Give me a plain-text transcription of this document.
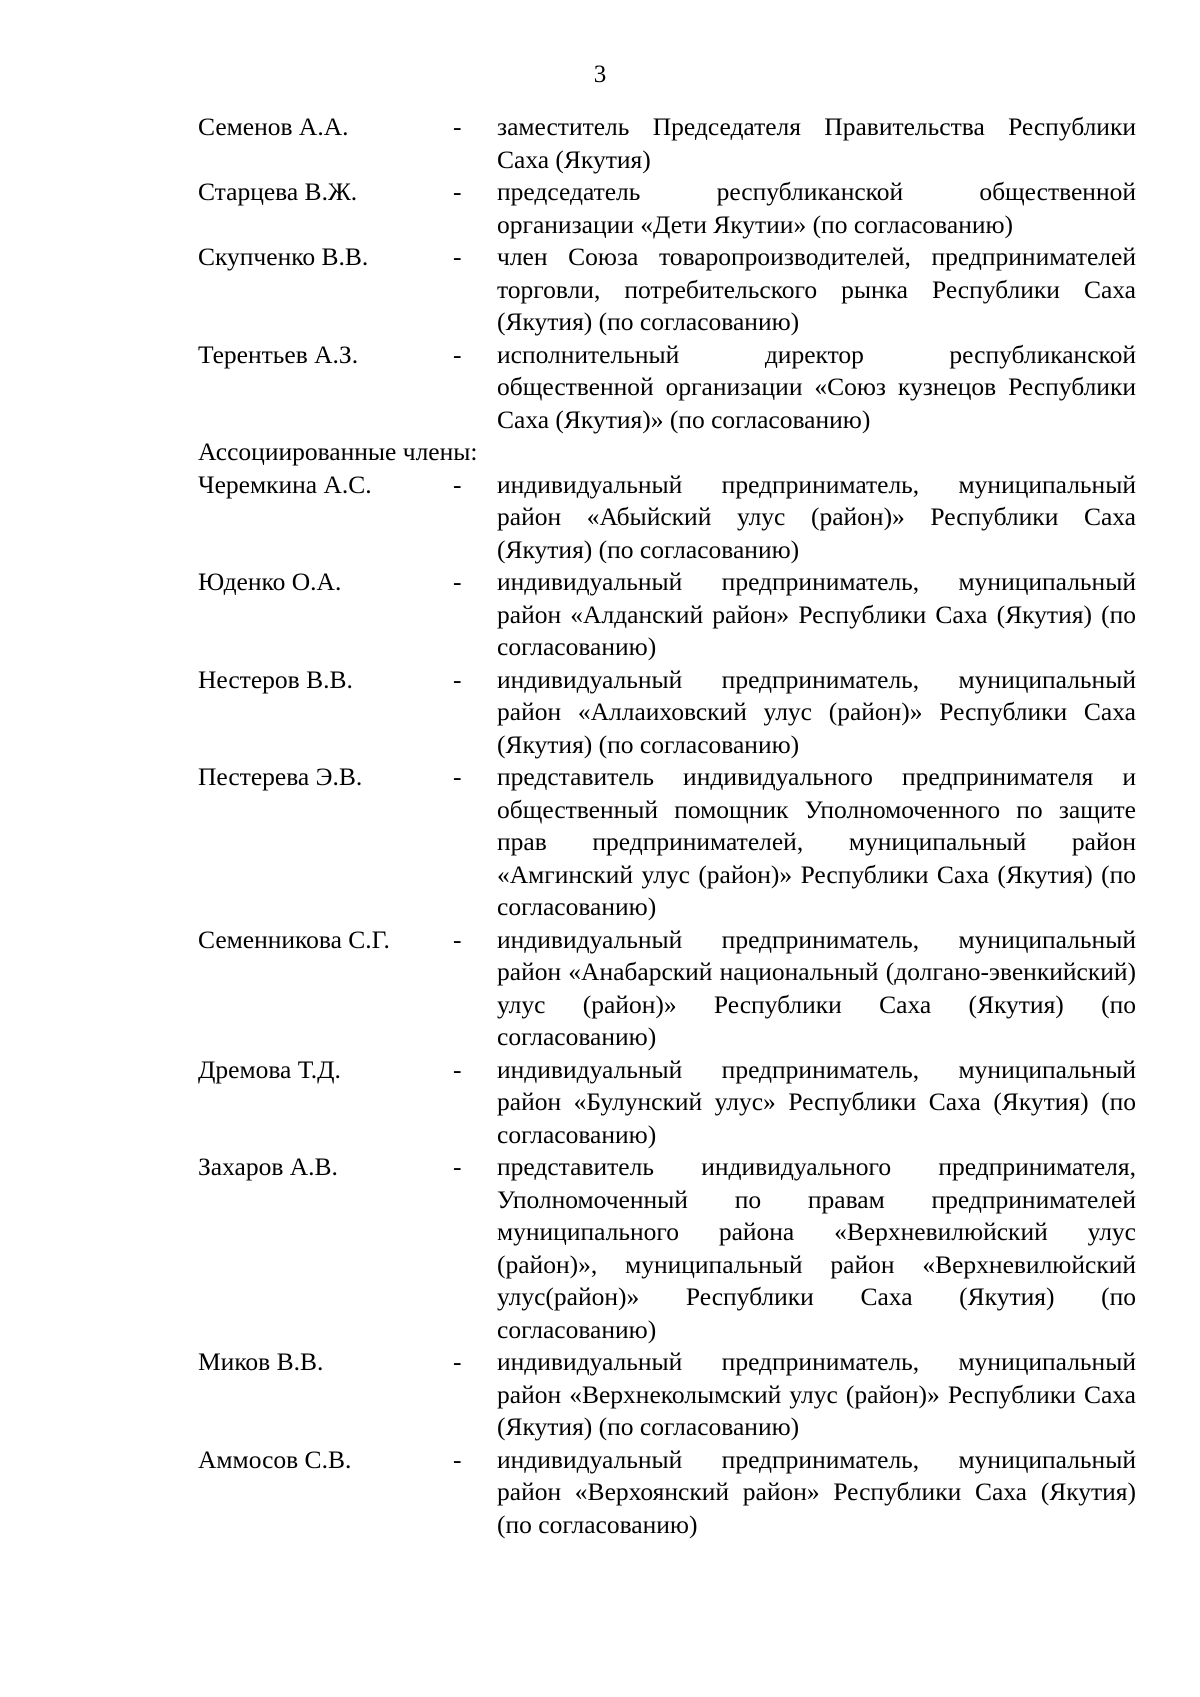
3
Семенов А.А.	-	заместитель Председателя Правительства Республики Саха (Якутия)
Старцева В.Ж.	-	председатель республиканской общественной организации «Дети Якутии» (по согласованию)
Скупченко В.В.	-	член Союза товаропроизводителей, предпринимателей торговли, потребительского рынка Республики Саха (Якутия) (по согласованию)
Терентьев А.З.	-	исполнительный директор республиканской общественной организации «Союз кузнецов Республики Саха (Якутия)» (по согласованию)
Ассоциированные члены:
Черемкина А.С.	-	индивидуальный предприниматель, муниципальный район «Абыйский улус (район)» Республики Саха (Якутия) (по согласованию)
Юденко О.А.	-	индивидуальный предприниматель, муниципальный район «Алданский район» Республики Саха (Якутия) (по согласованию)
Нестеров В.В.	-	индивидуальный предприниматель, муниципальный район «Аллаиховский улус (район)» Республики Саха (Якутия) (по согласованию)
Пестерева Э.В.	-	представитель индивидуального предпринимателя и общественный помощник Уполномоченного по защите прав предпринимателей, муниципальный район «Амгинский улус (район)» Республики Саха (Якутия) (по согласованию)
Семенникова С.Г.	-	индивидуальный предприниматель, муниципальный район «Анабарский национальный (долгано-эвенкийский) улус (район)» Республики Саха (Якутия) (по согласованию)
Дремова Т.Д.	-	индивидуальный предприниматель, муниципальный район «Булунский улус» Республики Саха (Якутия) (по согласованию)
Захаров А.В.	-	представитель индивидуального предпринимателя, Уполномоченный по правам предпринимателей муниципального района «Верхневилюйский улус (район)», муниципальный район «Верхневилюйский улус(район)» Республики Саха (Якутия) (по согласованию)
Миков В.В.	-	индивидуальный предприниматель, муниципальный район «Верхнеколымский улус (район)» Республики Саха (Якутия) (по согласованию)
Аммосов С.В.	-	индивидуальный предприниматель, муниципальный район «Верхоянский район» Республики Саха (Якутия) (по согласованию)
